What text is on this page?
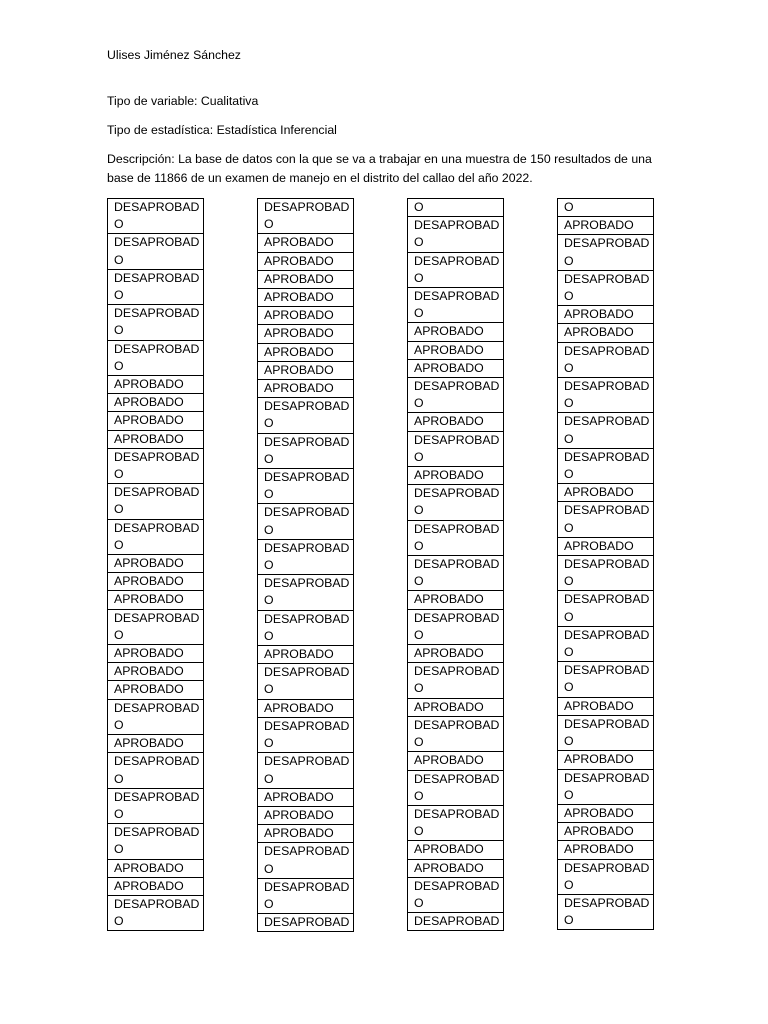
Ulises Jiménez Sánchez
Tipo de variable: Cualitativa
Tipo de estadística: Estadística Inferencial
Descripción: La base de datos con la que se va a trabajar en una muestra de 150 resultados de una base de 11866 de un examen de manejo en el distrito del callao del año 2022.
DESAPROBADO
DESAPROBADO
DESAPROBADO
DESAPROBADO
DESAPROBADO
APROBADO
APROBADO
APROBADO
APROBADO
DESAPROBADO
DESAPROBADO
DESAPROBADO
APROBADO
APROBADO
APROBADO
DESAPROBADO
APROBADO
APROBADO
APROBADO
DESAPROBADO
APROBADO
DESAPROBADO
DESAPROBADO
DESAPROBADO
APROBADO
APROBADO
DESAPROBADO
DESAPROBADO
APROBADO
APROBADO
APROBADO
APROBADO
APROBADO
APROBADO
APROBADO
APROBADO
APROBADO
DESAPROBADO
DESAPROBADO
DESAPROBADO
DESAPROBADO
DESAPROBADO
DESAPROBADO
DESAPROBADO
APROBADO
DESAPROBADO
APROBADO
DESAPROBADO
DESAPROBADO
APROBADO
APROBADO
APROBADO
DESAPROBADO
DESAPROBADO
DESAPROBAD
O
DESAPROBADO
DESAPROBADO
DESAPROBADO
APROBADO
APROBADO
APROBADO
DESAPROBADO
APROBADO
DESAPROBADO
APROBADO
DESAPROBADO
DESAPROBADO
DESAPROBADO
APROBADO
DESAPROBADO
APROBADO
DESAPROBADO
APROBADO
DESAPROBADO
APROBADO
DESAPROBADO
DESAPROBADO
APROBADO
APROBADO
DESAPROBADO
DESAPROBAD
O
APROBADO
DESAPROBADO
DESAPROBADO
APROBADO
APROBADO
DESAPROBADO
DESAPROBADO
DESAPROBADO
DESAPROBADO
APROBADO
DESAPROBADO
APROBADO
DESAPROBADO
DESAPROBADO
DESAPROBADO
DESAPROBADO
APROBADO
DESAPROBADO
APROBADO
DESAPROBADO
APROBADO
APROBADO
APROBADO
DESAPROBADO
DESAPROBADO
